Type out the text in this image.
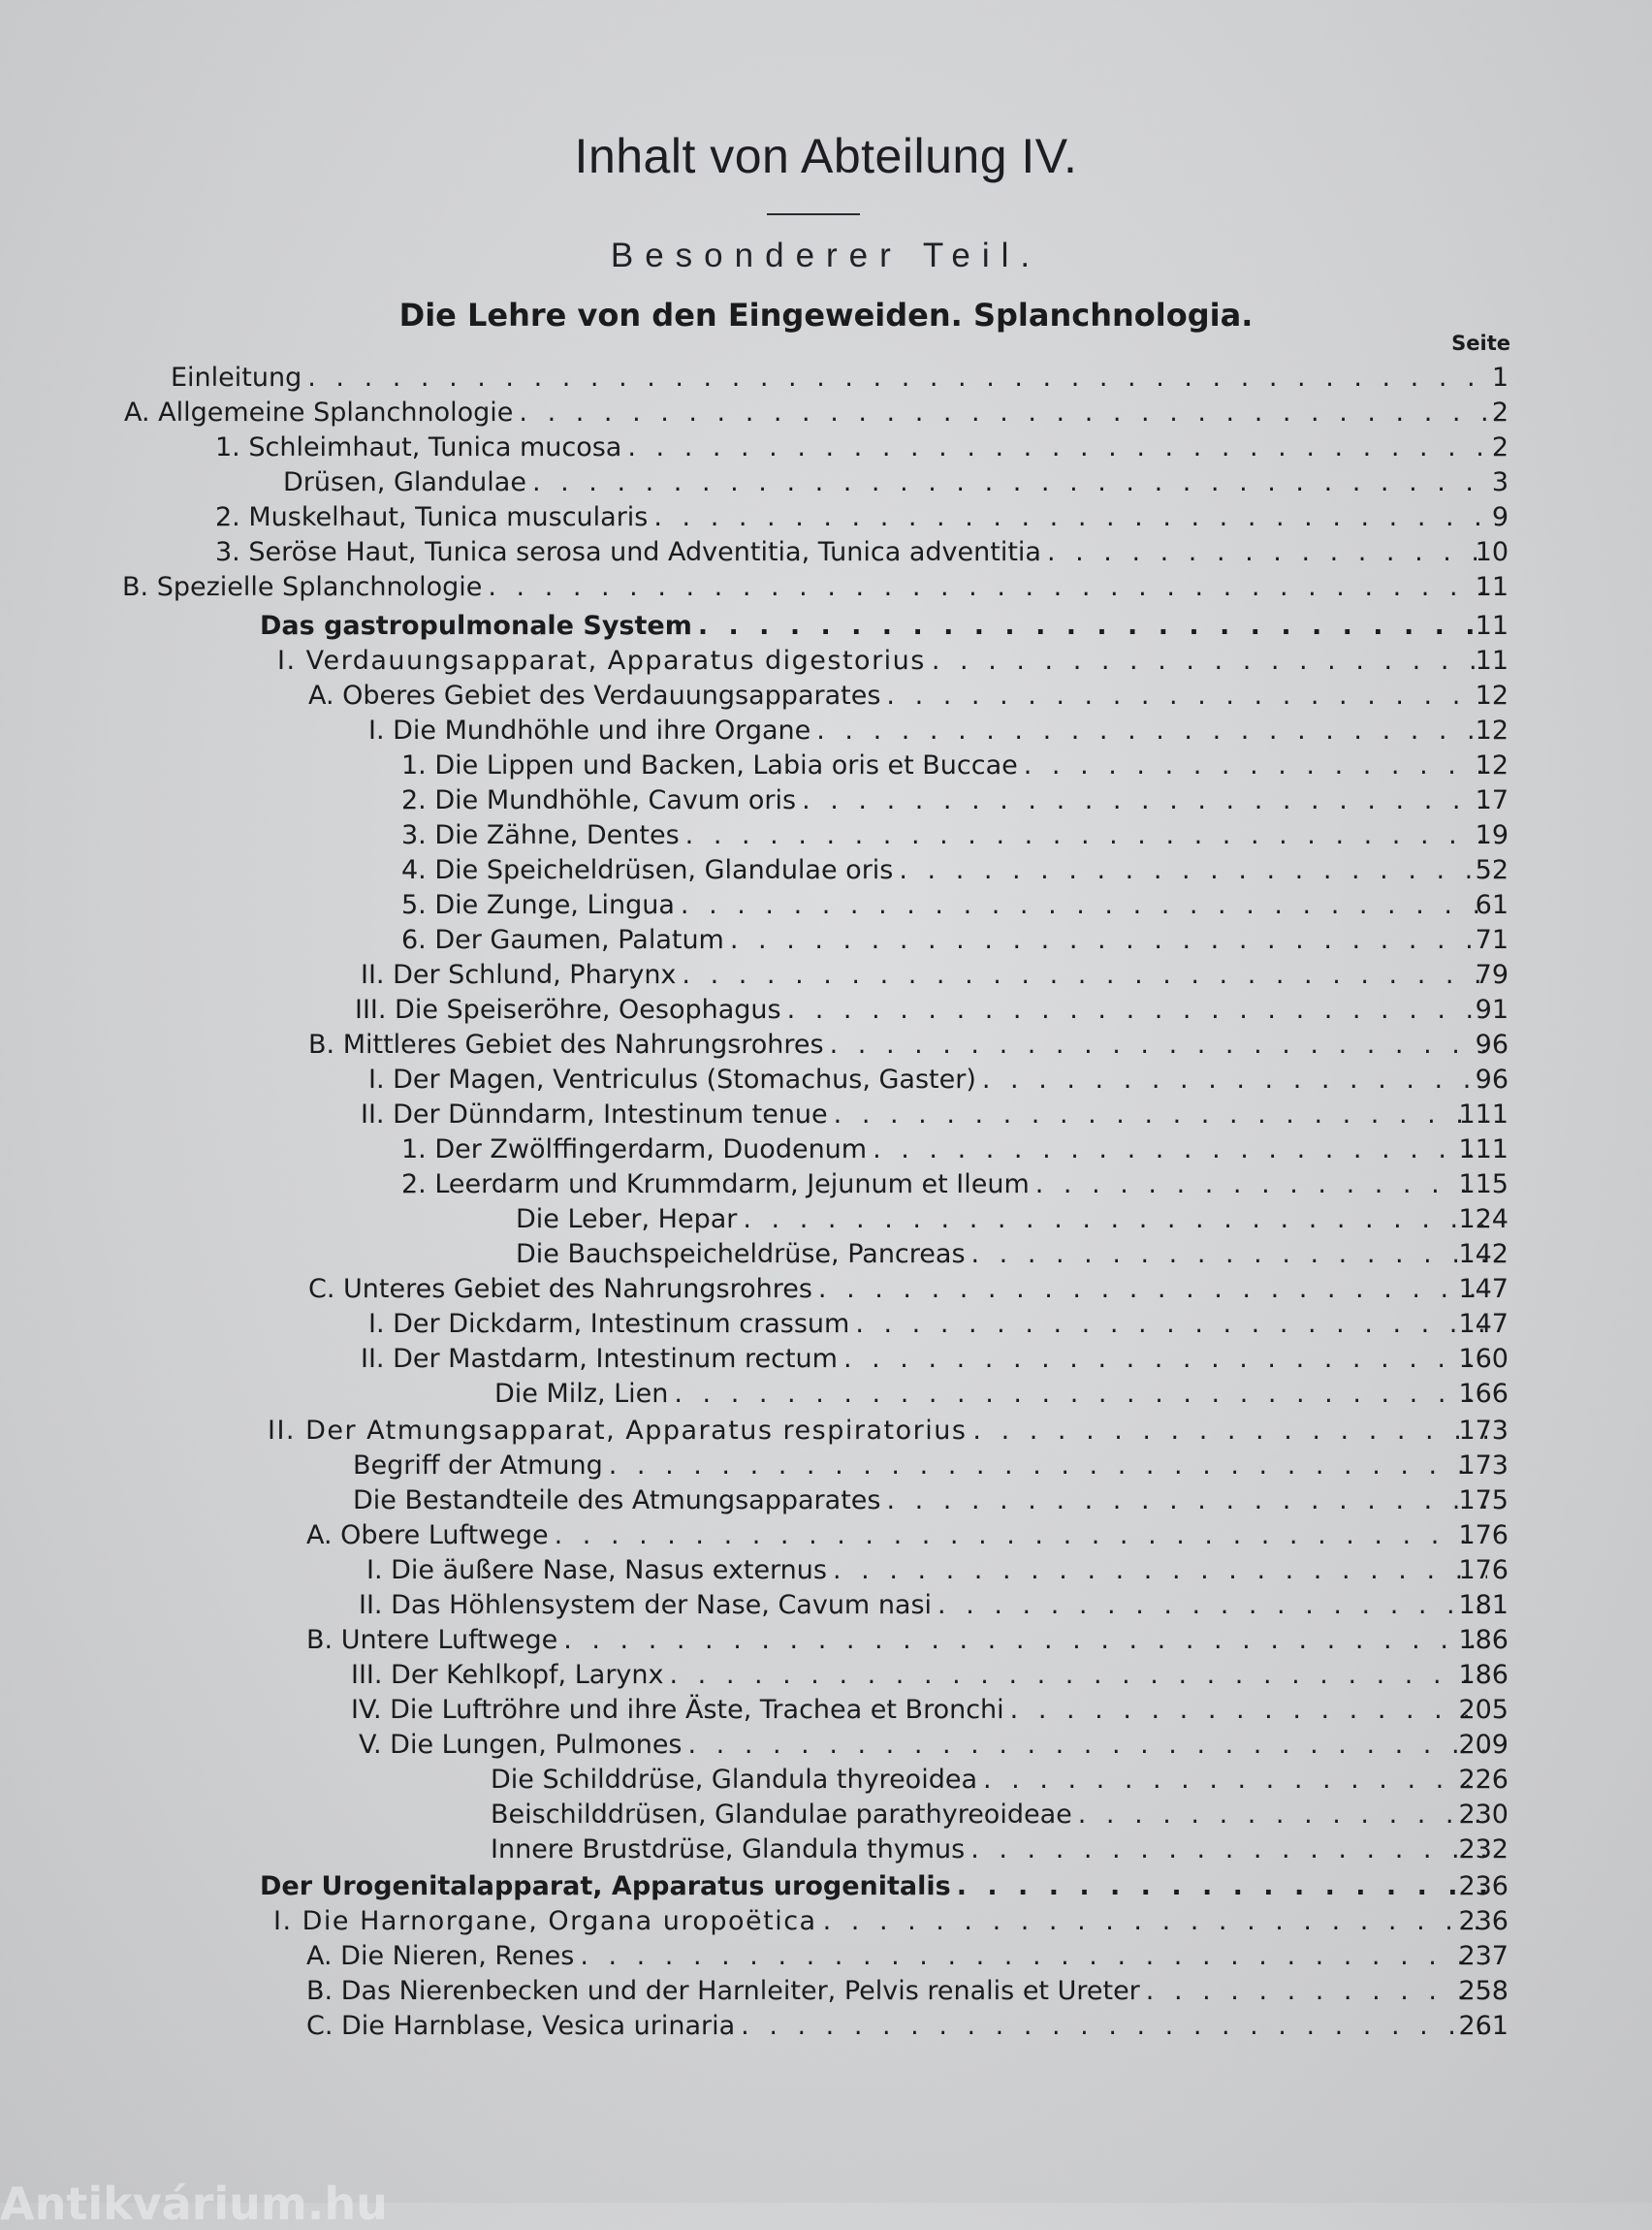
Inhalt von Abteilung IV.
Besonderer Teil.
Die Lehre von den Eingeweiden. Splanchnologia.
Seite
Einleitung . . .	1
A. Allgemeine Splanchnologie . . .	2
1. Schleimhaut, Tunica mucosa . . .	2
Drüsen, Glandulae . . .	3
2. Muskelhaut, Tunica muscularis . . .	9
3. Seröse Haut, Tunica serosa und Adventitia, Tunica adventitia . . .	10
B. Spezielle Splanchnologie . . .	11
Das gastropulmonale System . . .	11
I. Verdauungsapparat, Apparatus digestorius . . .	11
A. Oberes Gebiet des Verdauungsapparates . . .	12
I. Die Mundhöhle und ihre Organe . . .	12
1. Die Lippen und Backen, Labia oris et Buccae . . .	12
2. Die Mundhöhle, Cavum oris . . .	17
3. Die Zähne, Dentes . . .	19
4. Die Speicheldrüsen, Glandulae oris . . .	52
5. Die Zunge, Lingua . . .	61
6. Der Gaumen, Palatum . . .	71
II. Der Schlund, Pharynx . . .	79
III. Die Speiseröhre, Oesophagus . . .	91
B. Mittleres Gebiet des Nahrungsrohres . . .	96
I. Der Magen, Ventriculus (Stomachus, Gaster) . . .	96
II. Der Dünndarm, Intestinum tenue . . .	111
1. Der Zwölffingerdarm, Duodenum . . .	111
2. Leerdarm und Krummdarm, Jejunum et Ileum . . .	115
Die Leber, Hepar . . .	124
Die Bauchspeicheldrüse, Pancreas . . .	142
C. Unteres Gebiet des Nahrungsrohres . . .	147
I. Der Dickdarm, Intestinum crassum . . .	147
II. Der Mastdarm, Intestinum rectum . . .	160
Die Milz, Lien . . .	166
II. Der Atmungsapparat, Apparatus respiratorius . . .	173
Begriff der Atmung . . .	173
Die Bestandteile des Atmungsapparates . . .	175
A. Obere Luftwege . . .	176
I. Die äußere Nase, Nasus externus . . .	176
II. Das Höhlensystem der Nase, Cavum nasi . . .	181
B. Untere Luftwege . . .	186
III. Der Kehlkopf, Larynx . . .	186
IV. Die Luftröhre und ihre Äste, Trachea et Bronchi . . .	205
V. Die Lungen, Pulmones . . .	209
Die Schilddrüse, Glandula thyreoidea . . .	226
Beischilddrüsen, Glandulae parathyreoideae . . .	230
Innere Brustdrüse, Glandula thymus . . .	232
Der Urogenitalapparat, Apparatus urogenitalis . . .	236
I. Die Harnorgane, Organa uropoëtica . . .	236
A. Die Nieren, Renes . . .	237
B. Das Nierenbecken und der Harnleiter, Pelvis renalis et Ureter . . .	258
C. Die Harnblase, Vesica urinaria . . .	261
Antikvárium.hu
